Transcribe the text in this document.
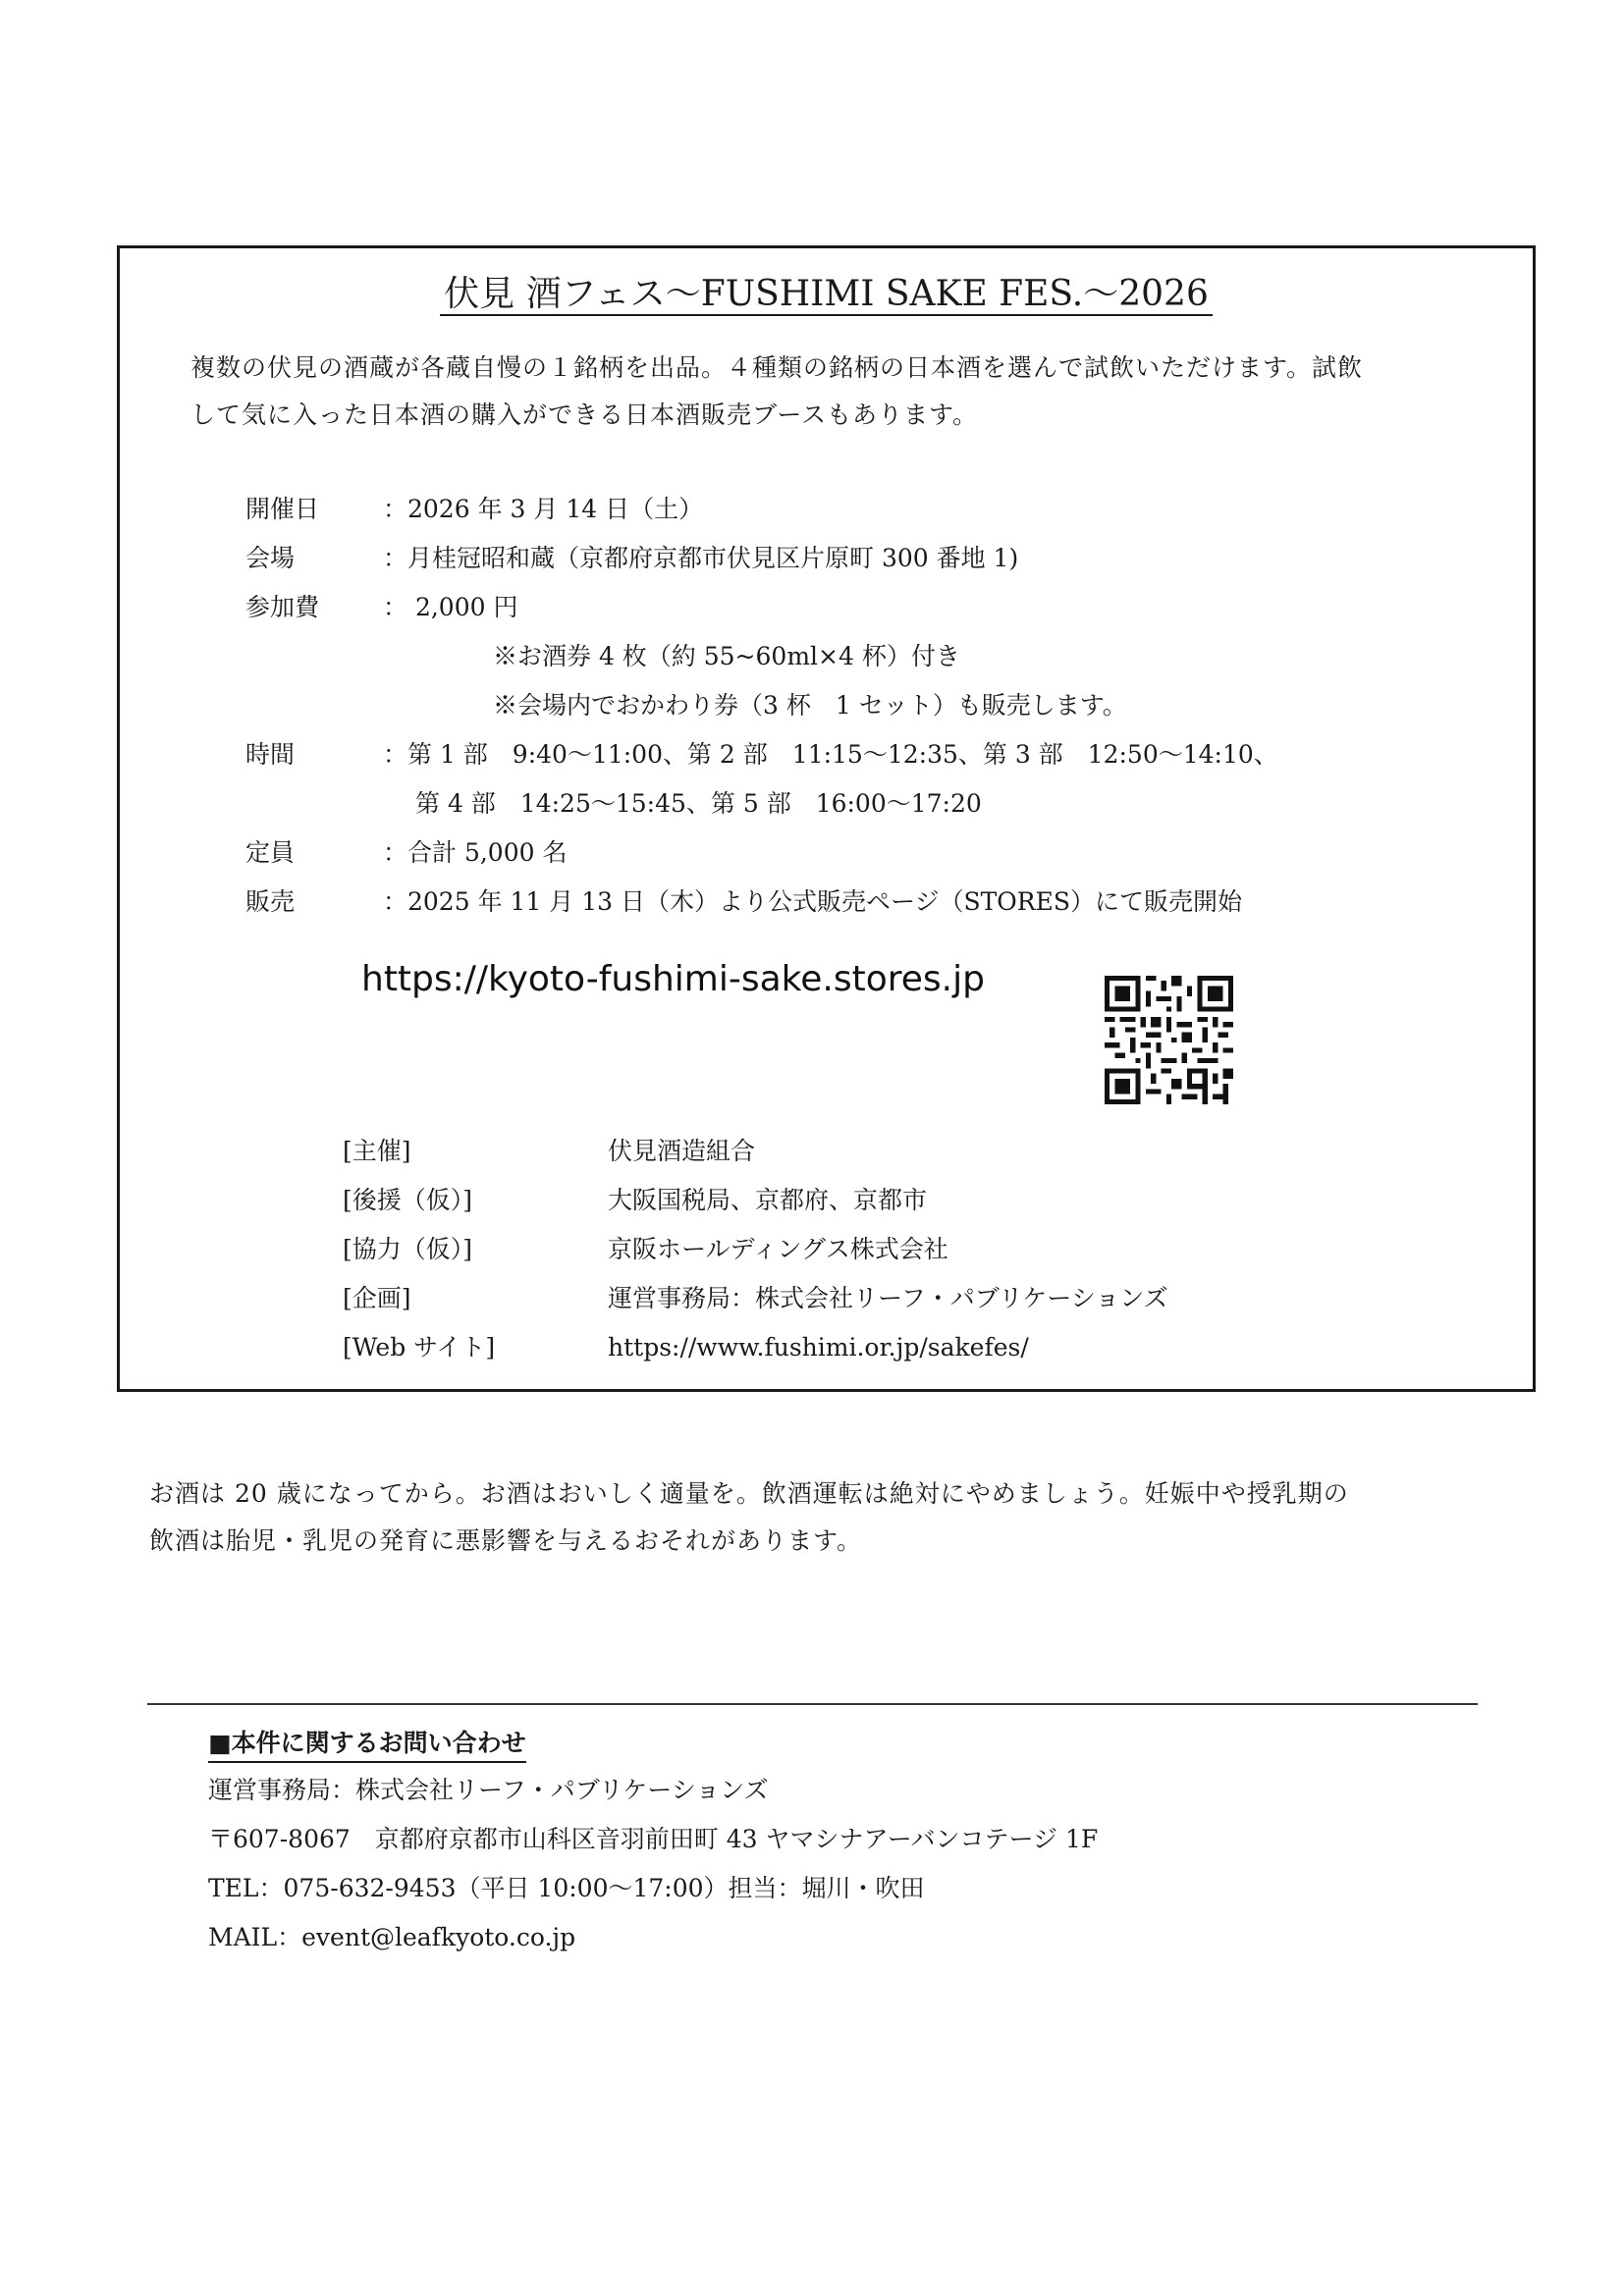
伏見 酒フェス〜FUSHIMI SAKE FES.〜2026
複数の伏見の酒蔵が各蔵自慢の１銘柄を出品。４種類の銘柄の日本酒を選んで試飲いただけます。試飲
して気に入った日本酒の購入ができる日本酒販売ブースもあります。
開催日	：2026 年 3 月 14 日（土）
会場	：月桂冠昭和蔵（京都府京都市伏見区片原町 300 番地 1)
参加費	： 2,000 円
※お酒券 4 枚（約 55~60ml×4 杯）付き
※会場内でおかわり券（3 杯　1 セット）も販売します。
時間	：第 1 部　9:40〜11:00、第 2 部　11:15〜12:35、第 3 部　12:50〜14:10、
第 4 部　14:25〜15:45、第 5 部　16:00〜17:20
定員	：合計 5,000 名
販売	：2025 年 11 月 13 日（木）より公式販売ページ（STORES）にて販売開始
https://kyoto-fushimi-sake.stores.jp
[主催]	伏見酒造組合
[後援（仮）]	大阪国税局、京都府、京都市
[協力（仮）]	京阪ホールディングス株式会社
[企画]	運営事務局：株式会社リーフ・パブリケーションズ
[Web サイト]	https://www.fushimi.or.jp/sakefes/
お酒は 20 歳になってから。お酒はおいしく適量を。飲酒運転は絶対にやめましょう。妊娠中や授乳期の
飲酒は胎児・乳児の発育に悪影響を与えるおそれがあります。
■本件に関するお問い合わせ
運営事務局：株式会社リーフ・パブリケーションズ
〒607-8067　京都府京都市山科区音羽前田町 43 ヤマシナアーバンコテージ 1F
TEL：075-632-9453（平日 10:00〜17:00）担当：堀川・吹田
MAIL：event@leafkyoto.co.jp
